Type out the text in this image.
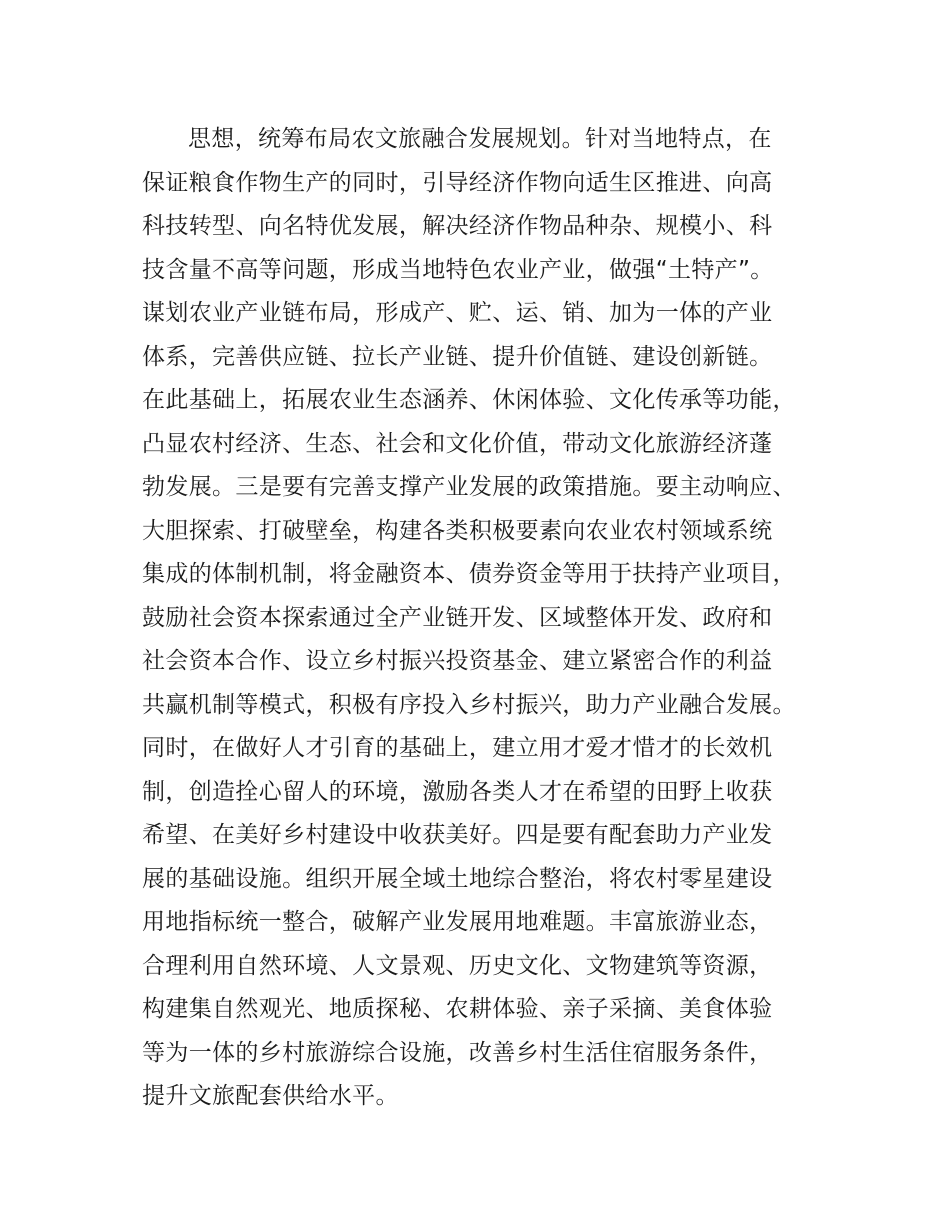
思想，统筹布局农文旅融合发展规划。针对当地特点，在
保证粮食作物生产的同时，引导经济作物向适生区推进、向高
科技转型、向名特优发展，解决经济作物品种杂、规模小、科
技含量不高等问题，形成当地特色农业产业，做强“土特产”。
谋划农业产业链布局，形成产、贮、运、销、加为一体的产业
体系，完善供应链、拉长产业链、提升价值链、建设创新链。
在此基础上，拓展农业生态涵养、休闲体验、文化传承等功能，
凸显农村经济、生态、社会和文化价值，带动文化旅游经济蓬
勃发展。三是要有完善支撑产业发展的政策措施。要主动响应、
大胆探索、打破壁垒，构建各类积极要素向农业农村领域系统
集成的体制机制，将金融资本、债券资金等用于扶持产业项目，
鼓励社会资本探索通过全产业链开发、区域整体开发、政府和
社会资本合作、设立乡村振兴投资基金、建立紧密合作的利益
共赢机制等模式，积极有序投入乡村振兴，助力产业融合发展。
同时，在做好人才引育的基础上，建立用才爱才惜才的长效机
制，创造拴心留人的环境，激励各类人才在希望的田野上收获
希望、在美好乡村建设中收获美好。四是要有配套助力产业发
展的基础设施。组织开展全域土地综合整治，将农村零星建设
用地指标统一整合，破解产业发展用地难题。丰富旅游业态，
合理利用自然环境、人文景观、历史文化、文物建筑等资源，
构建集自然观光、地质探秘、农耕体验、亲子采摘、美食体验
等为一体的乡村旅游综合设施，改善乡村生活住宿服务条件，
提升文旅配套供给水平。
